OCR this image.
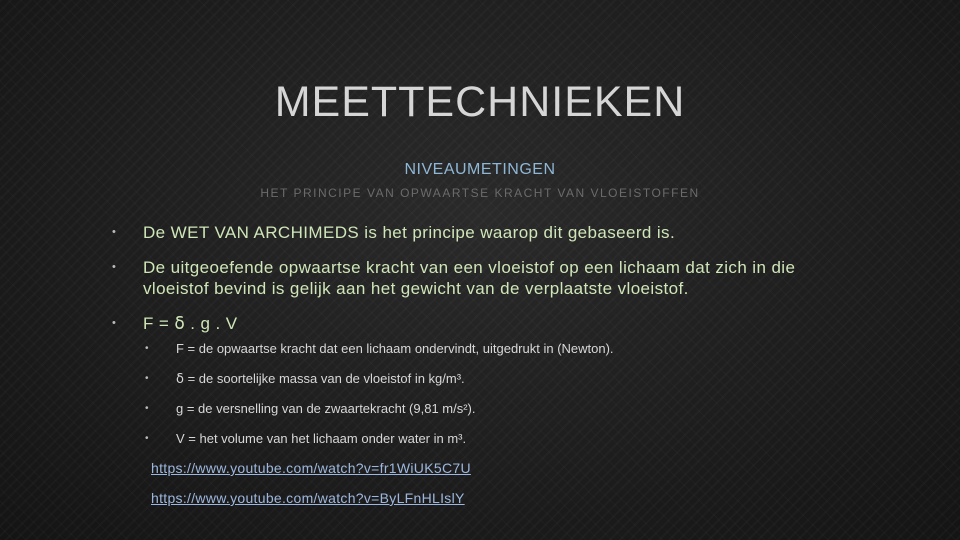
MEETTECHNIEKEN
NIVEAUMETINGEN
HET PRINCIPE VAN OPWAARTSE KRACHT VAN VLOEISTOFFEN
• De WET VAN ARCHIMEDS is het principe waarop dit gebaseerd is.
• De uitgeoefende opwaartse kracht van een vloeistof op een lichaam dat zich in die vloeistof bevind is gelijk aan het gewicht van de verplaatste vloeistof.
• F = ẟ . g . V
• F = de opwaartse kracht dat een lichaam ondervindt, uitgedrukt in (Newton).
• ẟ = de soortelijke massa van de vloeistof in kg/m³.
• g = de versnelling van de zwaartekracht (9,81 m/s²).
• V = het volume van het lichaam onder water in m³.
https://www.youtube.com/watch?v=fr1WiUK5C7U
https://www.youtube.com/watch?v=ByLFnHLIslY
